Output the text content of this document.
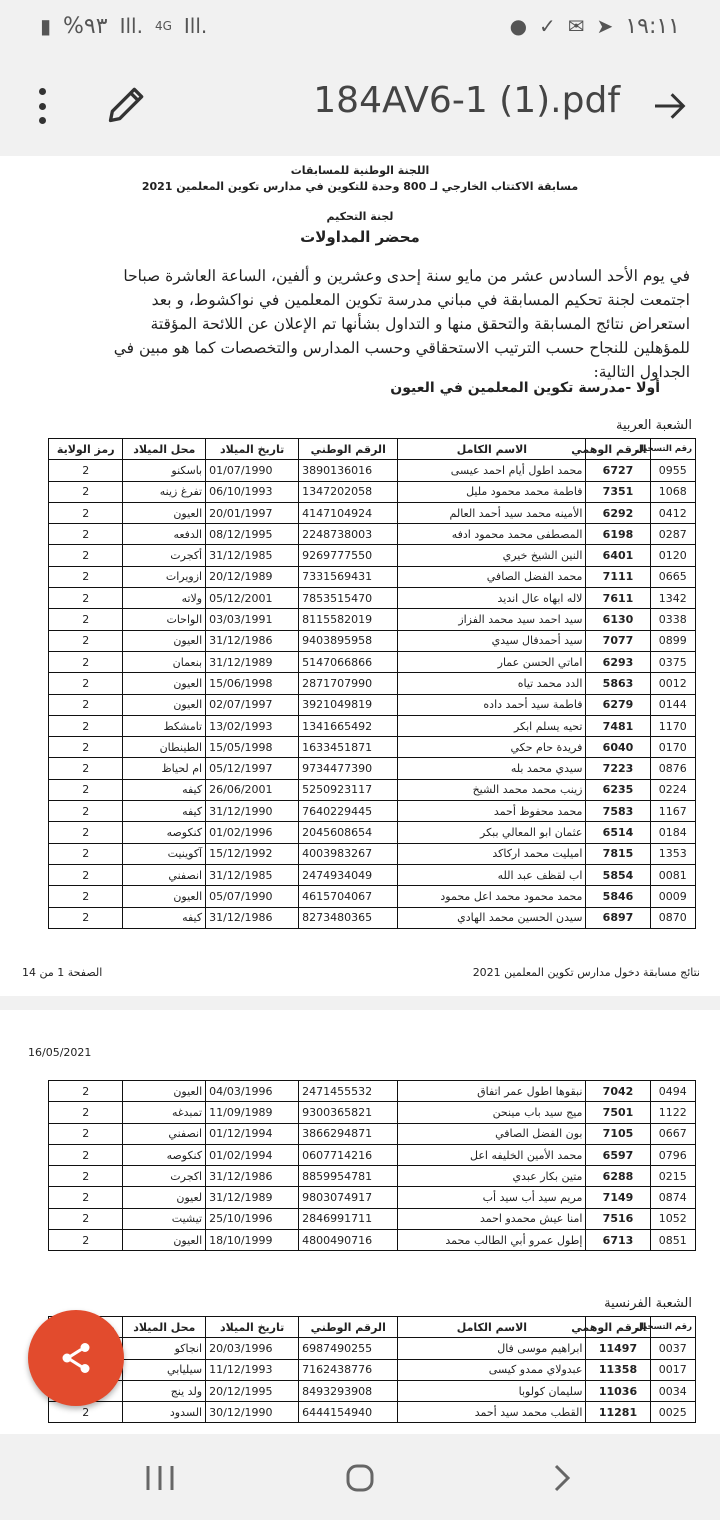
▮ %٩٣ Ill. 4G Ill.	● ✓ ✉ ➤ ١٩:١١
184AV6-1 (1).pdf
اللجنة الوطنية للمسابقات
مسابقة الاكتتاب الخارجي لـ 800 وحدة للتكوين في مدارس تكوين المعلمين 2021
لجنة التحكيم
محضر المداولات
في يوم الأحد السادس عشر من مايو سنة إحدى وعشرين و ألفين، الساعة العاشرة صباحا اجتمعت لجنة تحكيم المسابقة في مباني مدرسة تكوين المعلمين في نواكشوط، و بعد استعراض نتائج المسابقة والتحقق منها و التداول بشأنها تم الإعلان عن اللائحة المؤقتة للمؤهلين للنجاح حسب الترتيب الاستحقاقي وحسب المدارس والتخصصات كما هو مبين في الجداول التالية:
أولا -مدرسة تكوين المعلمين في العيون
الشعبة العربية
رقم التسجيل	الرقم الوهمي	الاسم الكامل	الرقم الوطني	تاريخ الميلاد	محل الميلاد	رمز الولاية
0955	6727	محمد اطول أيام احمد عيسى	3890136016	01/07/1990	باسكنو	2
1068	7351	فاطمة محمد محمود مليل	1347202058	06/10/1993	تفرغ زينه	2
0412	6292	الأمينه محمد سيد أحمد العالم	4147104924	20/01/1997	العيون	2
0287	6198	المصطفى محمد محمود ادفه	2248738003	08/12/1995	الدفعه	2
0120	6401	النين الشيخ خيري	9269777550	31/12/1985	أكجرت	2
0665	7111	محمد الفضل الصافي	7331569431	20/12/1989	ازويرات	2
1342	7611	لاله ابهاه عال انديد	7853515470	05/12/2001	ولاته	2
0338	6130	سيد احمد سيد محمد الفزاز	8115582019	03/03/1991	الواحات	2
0899	7077	سيد أحمدفال سيدي	9403895958	31/12/1986	العيون	2
0375	6293	اماتي الحسن عمار	5147066866	31/12/1989	بنعمان	2
0012	5863	الدد محمد تياه	2871707990	15/06/1998	العيون	2
0144	6279	فاطمة سيد أحمد داده	3921049819	02/07/1997	العيون	2
1170	7481	تحيه يسلم ابكر	1341665492	13/02/1993	تامشكط	2
0170	6040	فريدة حام حكي	1633451871	15/05/1998	الطينطان	2
0876	7223	سيدي محمد بله	9734477390	05/12/1997	ام لحياظ	2
0224	6235	زينب محمد محمد الشيخ	5250923117	26/06/2001	كيفه	2
1167	7583	محمد محفوظ أحمد	7640229445	31/12/1990	كيفه	2
0184	6514	عثمان ابو المعالي ببكر	2045608654	01/02/1996	كنكوصه	2
1353	7815	اميليت محمد اركاكد	4003983267	15/12/1992	آكوينيت	2
0081	5854	اب لقظف عبد الله	2474934049	31/12/1985	انصفني	2
0009	5846	محمد محمود محمد اعل محمود	4615704067	05/07/1990	العيون	2
0870	6897	سيدن الحسين محمد الهادي	8273480365	31/12/1986	كيفه	2
نتائج مسابقة دخول مدارس تكوين المعلمين 2021
الصفحة 1 من 14
16/05/2021
0494	7042	نبقوها اطول عمر اتفاق	2471455532	04/03/1996	العيون	2
1122	7501	ميج سيد باب مينحن	9300365821	11/09/1989	تمبدغه	2
0667	7105	بون الفضل الصافي	3866294871	01/12/1994	انصفني	2
0796	6597	محمد الأمين الخليفه اعل	0607714216	01/02/1994	كنكوصه	2
0215	6288	متين بكار عبدي	8859954781	31/12/1986	اكجرت	2
0874	7149	مريم سيد أب سيد أب	9803074917	31/12/1989	لعيون	2
1052	7516	امنا عيش محمدو احمد	2846991711	25/10/1996	تيشيت	2
0851	6713	إطول عمرو أبي الطالب محمد	4800490716	18/10/1999	العيون	2
الشعبة الفرنسية
رقم التسجيل	الرقم الوهمي	الاسم الكامل	الرقم الوطني	تاريخ الميلاد	محل الميلاد	
0037	11497	ابراهيم موسى فال	6987490255	20/03/1996	انجاكو	
0017	11358	عبدولاي ممدو كيسى	7162438776	11/12/1993	سيليابي	
0034	11036	سليمان كولوبا	8493293908	20/12/1995	ولد ينج	
0025	11281	القطب محمد سيد أحمد	6444154940	30/12/1990	السدود	2
